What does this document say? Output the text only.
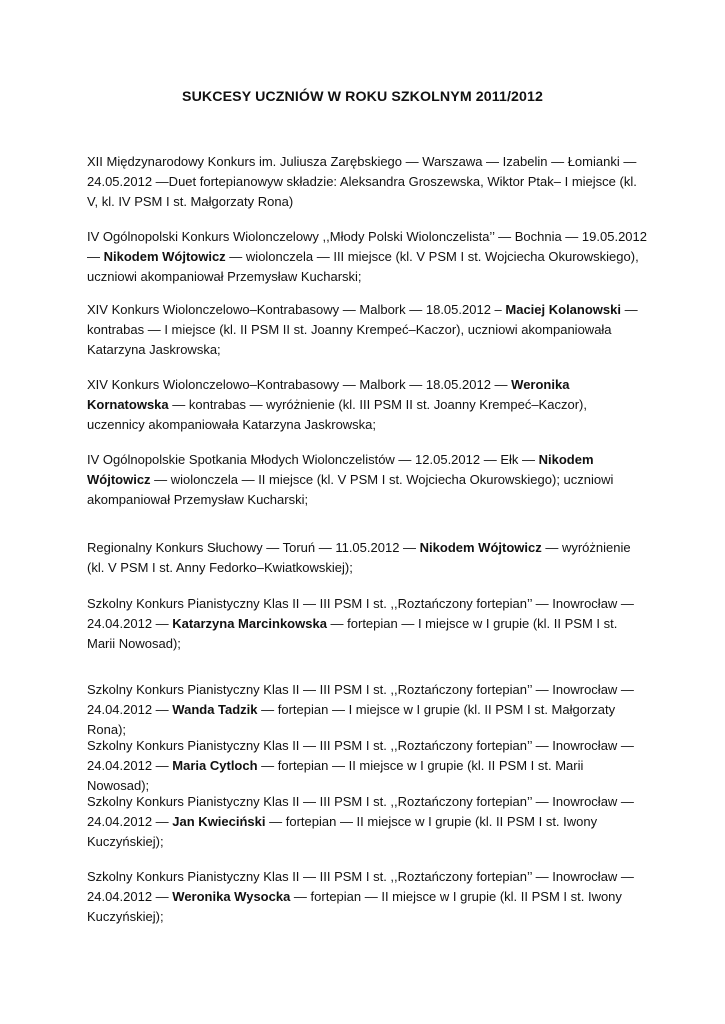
SUKCESY UCZNIÓW W ROKU SZKOLNYM 2011/2012

XII Międzynarodowy Konkurs im. Juliusza Zarębskiego — Warszawa — Izabelin — Łomianki — 24.05.2012 —Duet fortepianowyw składzie: Aleksandra Groszewska, Wiktor Ptak– I miejsce (kl. V, kl. IV PSM I st. Małgorzaty Rona)

IV Ogólnopolski Konkurs Wiolonczelowy ,,Młody Polski Wiolonczelista’’ — Bochnia — 19.05.2012 — Nikodem Wójtowicz — wiolonczela — III miejsce (kl. V PSM I st. Wojciecha Okurowskiego), uczniowi akompaniował Przemysław Kucharski;

XIV Konkurs Wiolonczelowo–Kontrabasowy — Malbork — 18.05.2012 – Maciej Kolanowski — kontrabas — I miejsce (kl. II PSM II st. Joanny Krempeć–Kaczor), uczniowi akompaniowała Katarzyna Jaskrowska;

XIV Konkurs Wiolonczelowo–Kontrabasowy — Malbork — 18.05.2012 — Weronika Kornatowska — kontrabas — wyróżnienie (kl. III PSM II st. Joanny Krempeć–Kaczor), uczennicy akompaniowała Katarzyna Jaskrowska;

IV Ogólnopolskie Spotkania Młodych Wiolonczelistów — 12.05.2012 — Ełk — Nikodem Wójtowicz — wiolonczela — II miejsce (kl. V PSM I st. Wojciecha Okurowskiego); uczniowi akompaniował Przemysław Kucharski;

Regionalny Konkurs Słuchowy — Toruń — 11.05.2012 — Nikodem Wójtowicz — wyróżnienie (kl. V PSM I st. Anny Fedorko–Kwiatkowskiej);

Szkolny Konkurs Pianistyczny Klas II — III PSM I st. ,,Roztańczony fortepian’’ — Inowrocław — 24.04.2012 — Katarzyna Marcinkowska — fortepian — I miejsce w I grupie (kl. II PSM I st. Marii Nowosad);

Szkolny Konkurs Pianistyczny Klas II — III PSM I st. ,,Roztańczony fortepian’’ — Inowrocław — 24.04.2012 — Wanda Tadzik — fortepian — I miejsce w I grupie (kl. II PSM I st. Małgorzaty Rona);

Szkolny Konkurs Pianistyczny Klas II — III PSM I st. ,,Roztańczony fortepian’’ — Inowrocław — 24.04.2012 — Maria Cytloch — fortepian — II miejsce w I grupie (kl. II PSM I st. Marii Nowosad);

Szkolny Konkurs Pianistyczny Klas II — III PSM I st. ,,Roztańczony fortepian’’ — Inowrocław — 24.04.2012 — Jan Kwieciński — fortepian — II miejsce w I grupie (kl. II PSM I st. Iwony Kuczyńskiej);

Szkolny Konkurs Pianistyczny Klas II — III PSM I st. ,,Roztańczony fortepian’’ — Inowrocław — 24.04.2012 — Weronika Wysocka — fortepian — II miejsce w I grupie (kl. II PSM I st. Iwony Kuczyńskiej);
